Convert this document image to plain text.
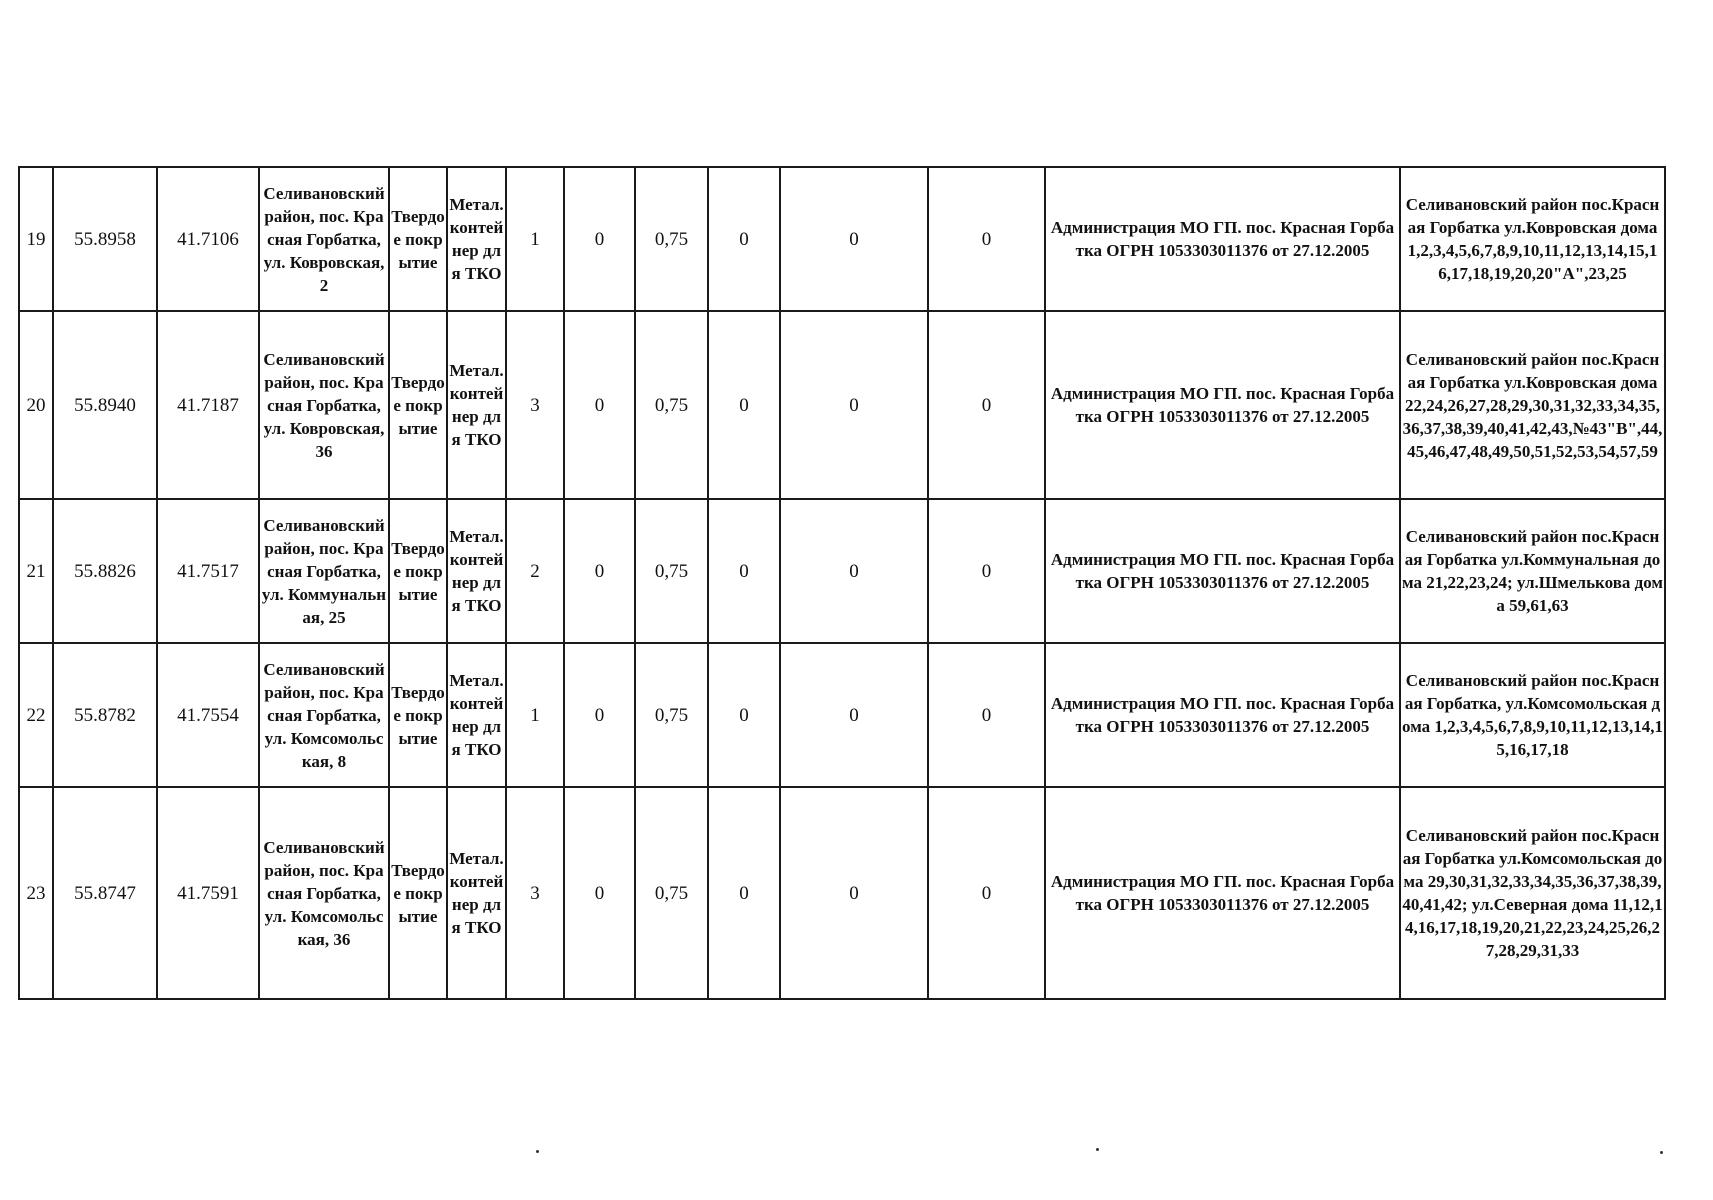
19	55.8958	41.7106	Селивановский район, пос. Красная Горбатка, ул. Ковровская, 2	Твердое покрытие	Метал. контейнер для ТКО	1	0	0,75	0	0	0	Администрация МО ГП. пос. Красная Горбатка ОГРН 1053303011376 от 27.12.2005	Селивановский район пос.Красная Горбатка ул.Ковровская дома 1,2,3,4,5,6,7,8,9,10,11,12,13,14,15,16,17,18,19,20,20"А",23,25
20	55.8940	41.7187	Селивановский район, пос. Красная Горбатка, ул. Ковровская, 36	Твердое покрытие	Метал. контейнер для ТКО	3	0	0,75	0	0	0	Администрация МО ГП. пос. Красная Горбатка ОГРН 1053303011376 от 27.12.2005	Селивановский район пос.Красная Горбатка ул.Ковровская дома 22,24,26,27,28,29,30,31,32,33,34,35,36,37,38,39,40,41,42,43,№43"В",44,45,46,47,48,49,50,51,52,53,54,57,59
21	55.8826	41.7517	Селивановский район, пос. Красная Горбатка, ул. Коммунальная, 25	Твердое покрытие	Метал. контейнер для ТКО	2	0	0,75	0	0	0	Администрация МО ГП. пос. Красная Горбатка ОГРН 1053303011376 от 27.12.2005	Селивановский район пос.Красная Горбатка ул.Коммунальная дома 21,22,23,24; ул.Шмелькова дома 59,61,63
22	55.8782	41.7554	Селивановский район, пос. Красная Горбатка, ул. Комсомольская, 8	Твердое покрытие	Метал. контейнер для ТКО	1	0	0,75	0	0	0	Администрация МО ГП. пос. Красная Горбатка ОГРН 1053303011376 от 27.12.2005	Селивановский район пос.Красная Горбатка, ул.Комсомольская дома 1,2,3,4,5,6,7,8,9,10,11,12,13,14,15,16,17,18
23	55.8747	41.7591	Селивановский район, пос. Красная Горбатка, ул. Комсомольская, 36	Твердое покрытие	Метал. контейнер для ТКО	3	0	0,75	0	0	0	Администрация МО ГП. пос. Красная Горбатка ОГРН 1053303011376 от 27.12.2005	Селивановский район пос.Красная Горбатка ул.Комсомольская дома 29,30,31,32,33,34,35,36,37,38,39,40,41,42; ул.Северная дома 11,12,14,16,17,18,19,20,21,22,23,24,25,26,27,28,29,31,33
